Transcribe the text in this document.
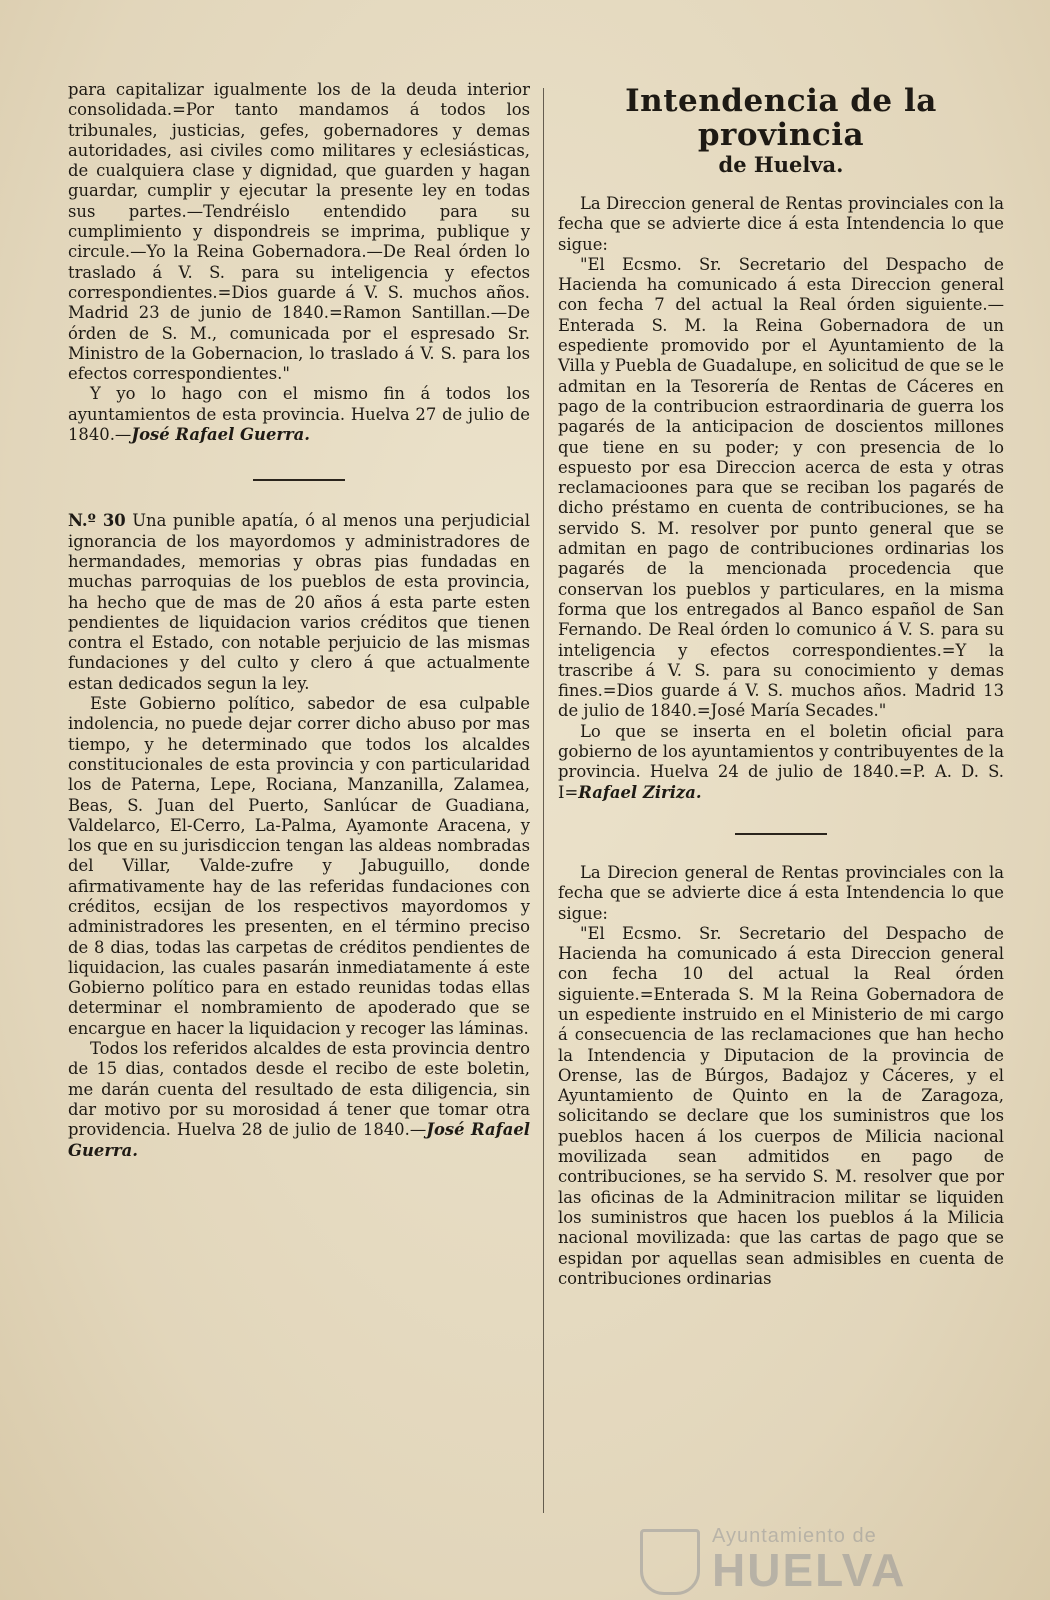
para capitalizar igualmente los de la deuda interior consolidada.=Por tanto mandamos á todos los tribunales, justicias, gefes, gobernadores y demas autoridades, asi civiles como militares y eclesiásticas, de cualquiera clase y dignidad, que guarden y hagan guardar, cumplir y ejecutar la presente ley en todas sus partes.—Tendréislo entendido para su cumplimiento y dispondreis se imprima, publique y circule.—Yo la Reina Gobernadora.—De Real órden lo traslado á V. S. para su inteligencia y efectos correspondientes.=Dios guarde á V. S. muchos años. Madrid 23 de junio de 1840.=Ramon Santillan.—De órden de S. M., comunicada por el espresado Sr. Ministro de la Gobernacion, lo traslado á V. S. para los efectos correspondientes."

Y yo lo hago con el mismo fin á todos los ayuntamientos de esta provincia. Huelva 27 de julio de 1840.—José Rafael Guerra.

N.º 30 Una punible apatía, ó al menos una perjudicial ignorancia de los mayordomos y administradores de hermandades, memorias y obras pias fundadas en muchas parroquias de los pueblos de esta provincia, ha hecho que de mas de 20 años á esta parte esten pendientes de liquidacion varios créditos que tienen contra el Estado, con notable perjuicio de las mismas fundaciones y del culto y clero á que actualmente estan dedicados segun la ley.

Este Gobierno político, sabedor de esa culpable indolencia, no puede dejar correr dicho abuso por mas tiempo, y he determinado que todos los alcaldes constitucionales de esta provincia y con particularidad los de Paterna, Lepe, Rociana, Manzanilla, Zalamea, Beas, S. Juan del Puerto, Sanlúcar de Guadiana, Valdelarco, El-Cerro, La-Palma, Ayamonte Aracena, y los que en su jurisdiccion tengan las aldeas nombradas del Villar, Valde-zufre y Jabuguillo, donde afirmativamente hay de las referidas fundaciones con créditos, ecsijan de los respectivos mayordomos y administradores les presenten, en el término preciso de 8 dias, todas las carpetas de créditos pendientes de liquidacion, las cuales pasarán inmediatamente á este Gobierno político para en estado reunidas todas ellas determinar el nombramiento de apoderado que se encargue en hacer la liquidacion y recoger las láminas.

Todos los referidos alcaldes de esta provincia dentro de 15 dias, contados desde el recibo de este boletin, me darán cuenta del resultado de esta diligencia, sin dar motivo por su morosidad á tener que tomar otra providencia. Huelva 28 de julio de 1840.—José Rafael Guerra.

Intendencia de la provincia
de Huelva.

La Direccion general de Rentas provinciales con la fecha que se advierte dice á esta Intendencia lo que sigue:

"El Ecsmo. Sr. Secretario del Despacho de Hacienda ha comunicado á esta Direccion general con fecha 7 del actual la Real órden siguiente.—Enterada S. M. la Reina Gobernadora de un espediente promovido por el Ayuntamiento de la Villa y Puebla de Guadalupe, en solicitud de que se le admitan en la Tesorería de Rentas de Cáceres en pago de la contribucion estraordinaria de guerra los pagarés de la anticipacion de doscientos millones que tiene en su poder; y con presencia de lo espuesto por esa Direccion acerca de esta y otras reclamacioones para que se reciban los pagarés de dicho préstamo en cuenta de contribuciones, se ha servido S. M. resolver por punto general que se admitan en pago de contribuciones ordinarias los pagarés de la mencionada procedencia que conservan los pueblos y particulares, en la misma forma que los entregados al Banco español de San Fernando. De Real órden lo comunico á V. S. para su inteligencia y efectos correspondientes.=Y la trascribe á V. S. para su conocimiento y demas fines.=Dios guarde á V. S. muchos años. Madrid 13 de julio de 1840.=José María Secades."

Lo que se inserta en el boletin oficial para gobierno de los ayuntamientos y contribuyentes de la provincia. Huelva 24 de julio de 1840.=P. A. D. S. I=Rafael Ziriza.

La Direcion general de Rentas provinciales con la fecha que se advierte dice á esta Intendencia lo que sigue:

"El Ecsmo. Sr. Secretario del Despacho de Hacienda ha comunicado á esta Direccion general con fecha 10 del actual la Real órden siguiente.=Enterada S. M la Reina Gobernadora de un espediente instruido en el Ministerio de mi cargo á consecuencia de las reclamaciones que han hecho la Intendencia y Diputacion de la provincia de Orense, las de Búrgos, Badajoz y Cáceres, y el Ayuntamiento de Quinto en la de Zaragoza, solicitando se declare que los suministros que los pueblos hacen á los cuerpos de Milicia nacional movilizada sean admitidos en pago de contribuciones, se ha servido S. M. resolver que por las oficinas de la Adminitracion militar se liquiden los suministros que hacen los pueblos á la Milicia nacional movilizada: que las cartas de pago que se espidan por aquellas sean admisibles en cuenta de contribuciones ordinarias

Ayuntamiento de
HUELVA
